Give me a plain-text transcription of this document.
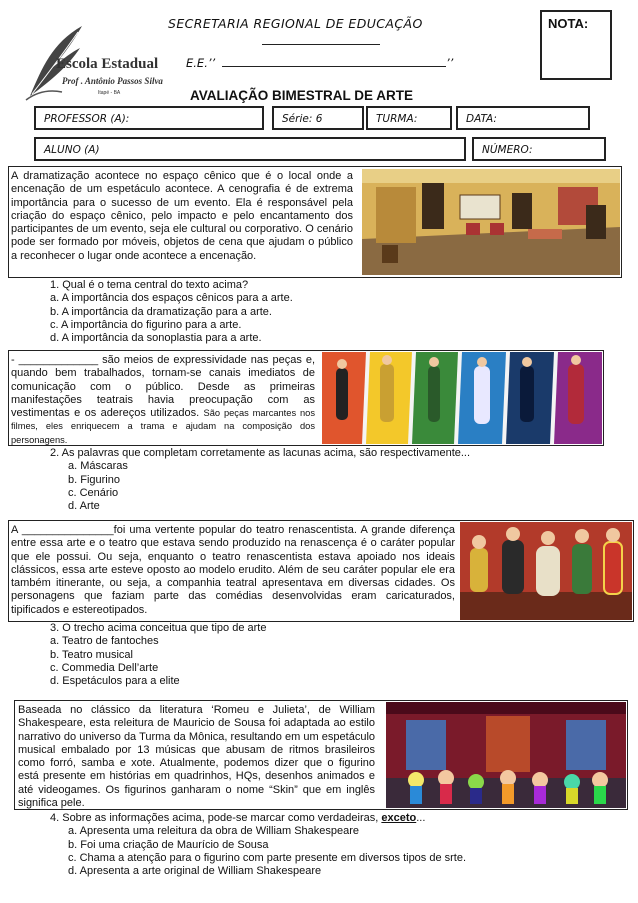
Escola Estadual
Prof . Antônio Passos Silva
Itapé - BA
SECRETARIA REGIONAL DE EDUCAÇÃO
E.E.’’	’’
NOTA:
AVALIAÇÃO BIMESTRAL DE ARTE
PROFESSOR (A):	Série: 6	TURMA:	DATA:
ALUNO (A)	NÚMERO:
A dramatização acontece no espaço cênico que é o local onde a encenação de um espetáculo acontece. A cenografia é de extrema importância para o sucesso de um evento. Ela é responsável pela criação do espaço cênico, pelo impacto e pelo encantamento dos participantes de um evento, seja ele cultural ou corporativo. O cenário pode ser formado por móveis, objetos de cena que ajudam o público a reconhecer o lugar onde acontece a encenação.
1. Qual é o tema central do texto acima?
a. A importância dos espaços cênicos para a arte.
b. A importância da dramatização para a arte.
c. A importância do figurino para a arte.
d. A importância da sonoplastia para a arte.
- _____________ são meios de expressividade nas peças e, quando bem trabalhados, tornam-se canais imediatos de comunicação com o público. Desde as primeiras manifestações teatrais havia preocupação com as vestimentas e os adereços utilizados. São peças marcantes nos filmes, eles enriquecem a trama e ajudam na composição dos personagens.
2. As palavras que completam corretamente as lacunas acima, são respectivamente...
a. Máscaras
b. Figurino
c. Cenário
d. Arte
A _______________foi uma vertente popular do teatro renascentista. A grande diferença entre essa arte e o teatro que estava sendo produzido na renascença é o caráter popular que ele possui. Ou seja, enquanto o teatro renascentista estava apoiado nos ideais clássicos, essa arte esteve oposto ao modelo erudito. Além de seu caráter popular ele era também itinerante, ou seja, a companhia teatral apresentava em diversas cidades. Os personagens que faziam parte das comédias desenvolvidas eram caricaturados, tipificados e estereotipados.
3. O trecho acima conceitua que tipo de arte
a. Teatro de fantoches
b. Teatro musical
c. Commedia Dell’arte
d. Espetáculos para a elite
Baseada no clássico da literatura ‘Romeu e Julieta’, de William Shakespeare, esta releitura de Mauricio de Sousa foi adaptada ao estilo narrativo do universo da Turma da Mônica, resultando em um espetáculo musical embalado por 13 músicas que abusam de ritmos brasileiros como forró, samba e xote. Atualmente, podemos dizer que o figurino está presente em histórias em quadrinhos, HQs, desenhos animados e até videogames. Os figurinos ganharam o nome “Skin” que em inglês significa pele.
4. Sobre as informações acima, pode-se marcar como verdadeiras, exceto...
a. Apresenta uma releitura da obra de William Shakespeare
b. Foi uma criação de Maurício de Sousa
c. Chama a atenção para o figurino com parte presente em diversos tipos de srte.
d. Apresenta a arte original de William Shakespeare
